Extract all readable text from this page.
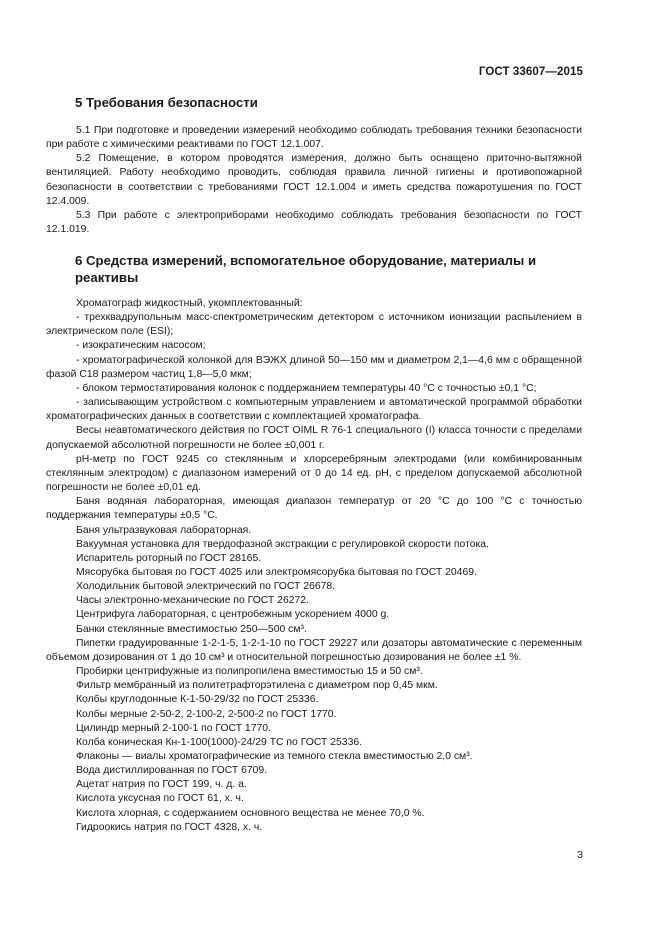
ГОСТ 33607—2015
5 Требования безопасности

5.1 При подготовке и проведении измерений необходимо соблюдать требования техники безопасности при работе с химическими реактивами по ГОСТ 12.1.007.

5.2 Помещение, в котором проводятся измерения, должно быть оснащено приточно-вытяжной вентиляцией. Работу необходимо проводить, соблюдая правила личной гигиены и противопожарной безопасности в соответствии с требованиями ГОСТ 12.1.004 и иметь средства пожаротушения по ГОСТ 12.4.009.

5.3 При работе с электроприборами необходимо соблюдать требования безопасности по ГОСТ 12.1.019.

6 Средства измерений, вспомогательное оборудование, материалы и реактивы

Хроматограф жидкостный, укомплектованный:

- трехквадрупольным масс-спектрометрическим детектором с источником ионизации распылением в электрическом поле (ESI);

- изократическим насосом;

- хроматографической колонкой для ВЭЖХ длиной 50—150 мм и диаметром 2,1—4,6 мм с обращенной фазой С18 размером частиц 1,8—5,0 мкм;

- блоком термостатирования колонок с поддержанием температуры 40 °С с точностью ±0,1 °С;

- записывающим устройством с компьютерным управлением и автоматической программой обработки хроматографических данных в соответствии с комплектацией хроматографа.

Весы неавтоматического действия по ГОСТ OIML R 76-1 специального (I) класса точности с пределами допускаемой абсолютной погрешности не более ±0,001 г.

pH-метр по ГОСТ 9245 со стеклянным и хлорсеребряным электродами (или комбинированным стеклянным электродом) с диапазоном измерений от 0 до 14 ед. pH, с пределом допускаемой абсолютной погрешности не более ±0,01 ед.

Баня водяная лабораторная, имеющая диапазон температур от 20 °С до 100 °С с точностью поддержания температуры ±0,5 °С.

Баня ультразвуковая лабораторная.

Вакуумная установка для твердофазной экстракции с регулировкой скорости потока.

Испаритель роторный по ГОСТ 28165.

Мясорубка бытовая по ГОСТ 4025 или электромясорубка бытовая по ГОСТ 20469.

Холодильник бытовой электрический по ГОСТ 26678.

Часы электронно-механические по ГОСТ 26272.

Центрифуга лабораторная, с центробежным ускорением 4000 g.

Банки стеклянные вместимостью 250—500 см³.

Пипетки градуированные 1-2-1-5, 1-2-1-10 по ГОСТ 29227 или дозаторы автоматические с переменным объемом дозирования от 1 до 10 см³ и относительной погрешностью дозирования не более ±1 %.

Пробирки центрифужные из полипропилена вместимостью 15 и 50 см³.

Фильтр мембранный из политетрафторэтилена с диаметром пор 0,45 мкм.

Колбы круглодонные К-1-50-29/32 по ГОСТ 25336.

Колбы мерные 2-50-2, 2-100-2, 2-500-2 по ГОСТ 1770.

Цилиндр мерный 2-100-1 по ГОСТ 1770.

Колба коническая Кн-1-100(1000)-24/29 ТС по ГОСТ 25336.

Флаконы — виалы хроматографические из темного стекла вместимостью 2,0 см³.

Вода дистиллированная по ГОСТ 6709.

Ацетат натрия по ГОСТ 199, ч. д. а.

Кислота уксусная по ГОСТ 61, х. ч.

Кислота хлорная, с содержанием основного вещества не менее 70,0 %.

Гидроокись натрия по ГОСТ 4328, х. ч.

3
